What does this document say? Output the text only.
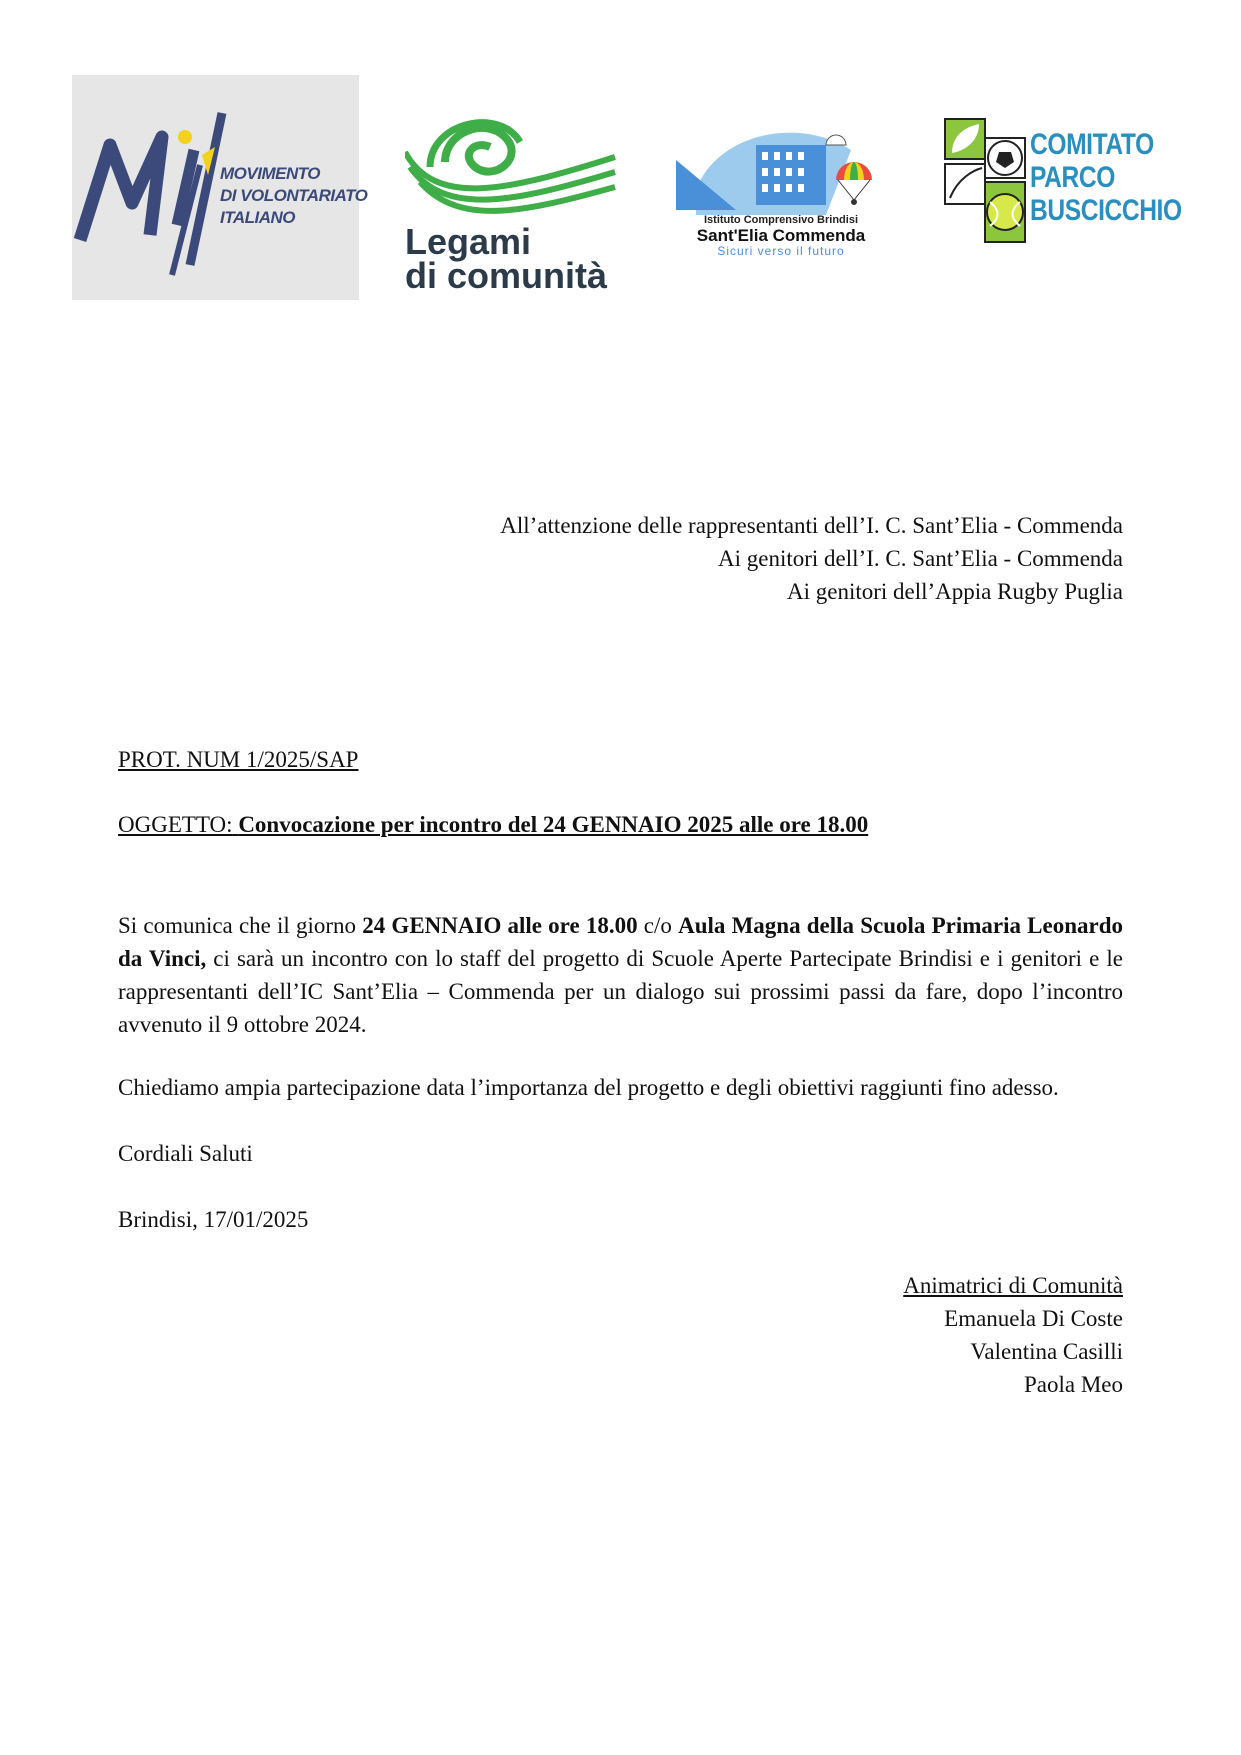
MOVIMENTO
DI VOLONTARIATO
ITALIANO
Legami
di comunità
Istituto Comprensivo Brindisi
Sant'Elia Commenda
Sicuri verso il futuro
COMITATO
PARCO
BUSCICCHIO
All’attenzione delle rappresentanti dell’I. C. Sant’Elia - Commenda
Ai genitori dell’I. C. Sant’Elia - Commenda
Ai genitori dell’Appia Rugby Puglia
PROT. NUM 1/2025/SAP
OGGETTO: Convocazione per incontro del 24 GENNAIO 2025 alle ore 18.00
Si comunica che il giorno 24 GENNAIO alle ore 18.00 c/o Aula Magna della Scuola Primaria Leonardo da Vinci, ci sarà un incontro con lo staff del progetto di Scuole Aperte Partecipate Brindisi e i genitori e le rappresentanti dell’IC Sant’Elia – Commenda per un dialogo sui prossimi passi da fare, dopo l’incontro avvenuto il 9 ottobre 2024.
Chiediamo ampia partecipazione data l’importanza del progetto e degli obiettivi raggiunti fino adesso.
Cordiali Saluti
Brindisi, 17/01/2025
Animatrici di Comunità
Emanuela Di Coste
Valentina Casilli
Paola Meo
